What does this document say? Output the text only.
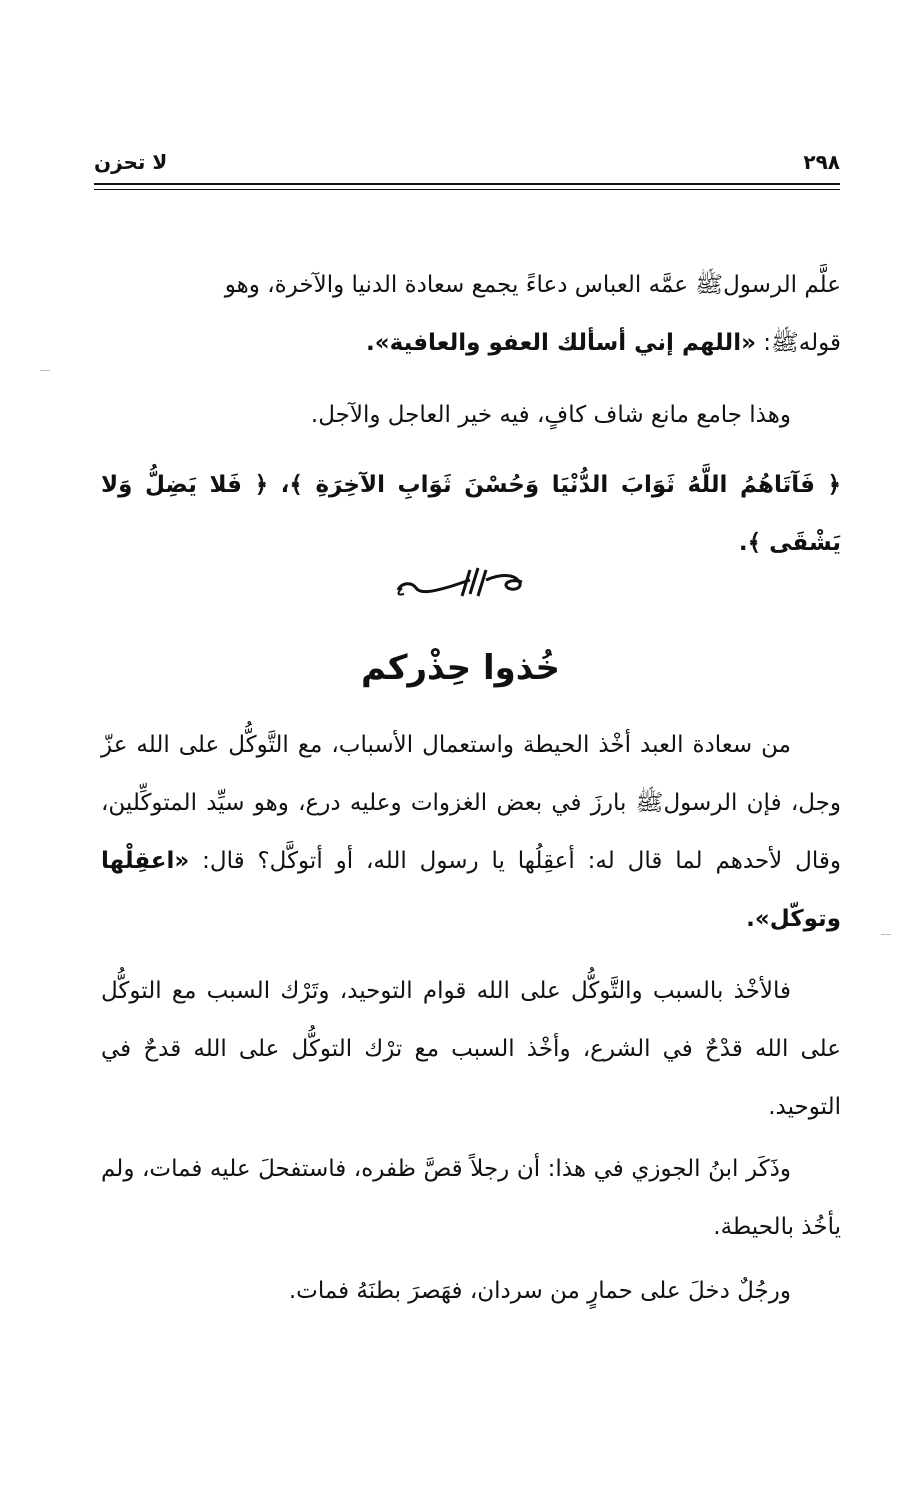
٢٩٨
لا تحزن
علَّم الرسولﷺ عمَّه العباس دعاءً يجمع سعادة الدنيا والآخرة، وهو
قولهﷺ: «اللهم إني أسألك العفو والعافية».
وهذا جامع مانع شاف كافٍ، فيه خير العاجل والآجل.
﴿ فَآتَاهُمُ اللَّهُ ثَوَابَ الدُّنْيَا وَحُسْنَ ثَوَابِ الآخِرَةِ ﴾، ﴿ فَلا يَضِلُّ وَلا يَشْقَى ﴾.
خُذوا حِذْركم
من سعادة العبد أخْذ الحيطة واستعمال الأسباب، مع التَّوكُّل على الله عزّ وجل، فإن الرسولﷺ بارزَ في بعض الغزوات وعليه درع، وهو سيِّد المتوكِّلين، وقال لأحدهم لما قال له: أعقِلُها يا رسول الله، أو أتوكَّل؟ قال: «اعقِلْها وتوكّل».
فالأخْذ بالسبب والتَّوكُّل على الله قوام التوحيد، وتَرْك السبب مع التوكُّل على الله قدْحٌ في الشرع، وأخْذ السبب مع ترْك التوكُّل على الله قدحٌ في التوحيد.
وذَكَر ابنُ الجوزي في هذا: أن رجلاً قصَّ ظفره، فاستفحلَ عليه فمات، ولم يأخُذ بالحيطة.
ورجُلٌ دخلَ على حمارٍ من سردان، فهَصرَ بطنَهُ فمات.
